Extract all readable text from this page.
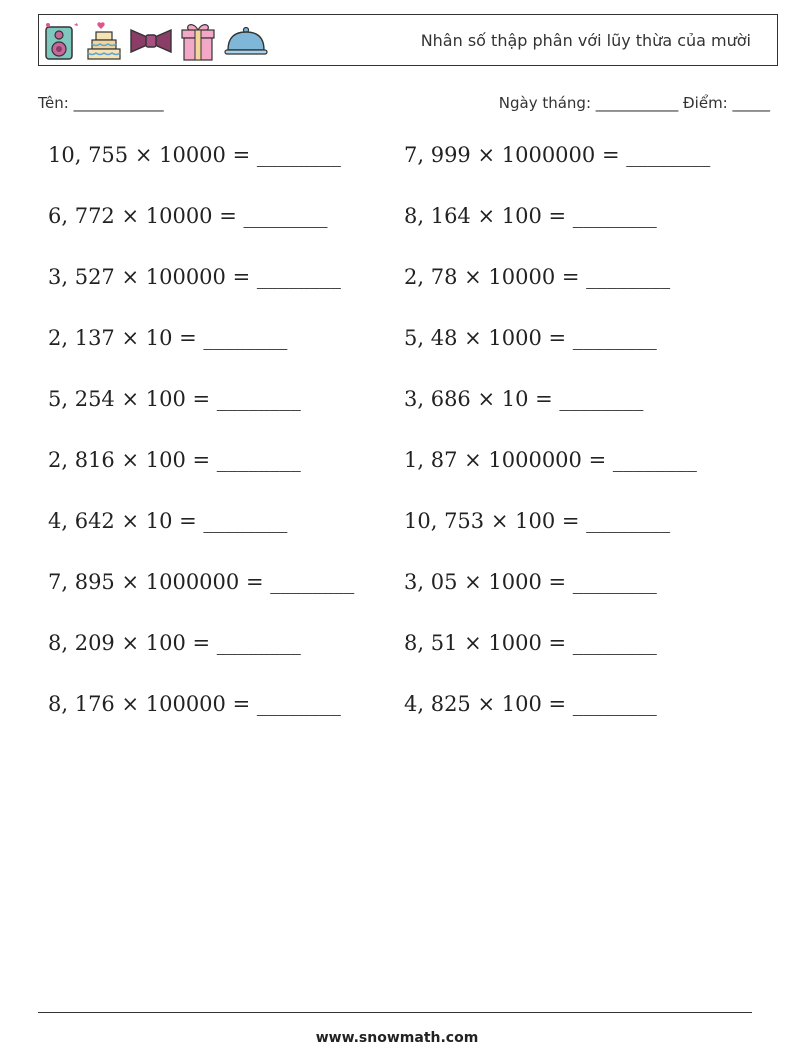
Nhân số thập phân với lũy thừa của mười
Tên: ____________	Ngày tháng: ___________ Điểm: _____
10, 755 × 10000 = ________	7, 999 × 1000000 = ________
6, 772 × 10000 = ________	8, 164 × 100 = ________
3, 527 × 100000 = ________	2, 78 × 10000 = ________
2, 137 × 10 = ________	5, 48 × 1000 = ________
5, 254 × 100 = ________	3, 686 × 10 = ________
2, 816 × 100 = ________	1, 87 × 1000000 = ________
4, 642 × 10 = ________	10, 753 × 100 = ________
7, 895 × 1000000 = ________	3, 05 × 1000 = ________
8, 209 × 100 = ________	8, 51 × 1000 = ________
8, 176 × 100000 = ________	4, 825 × 100 = ________
www.snowmath.com
